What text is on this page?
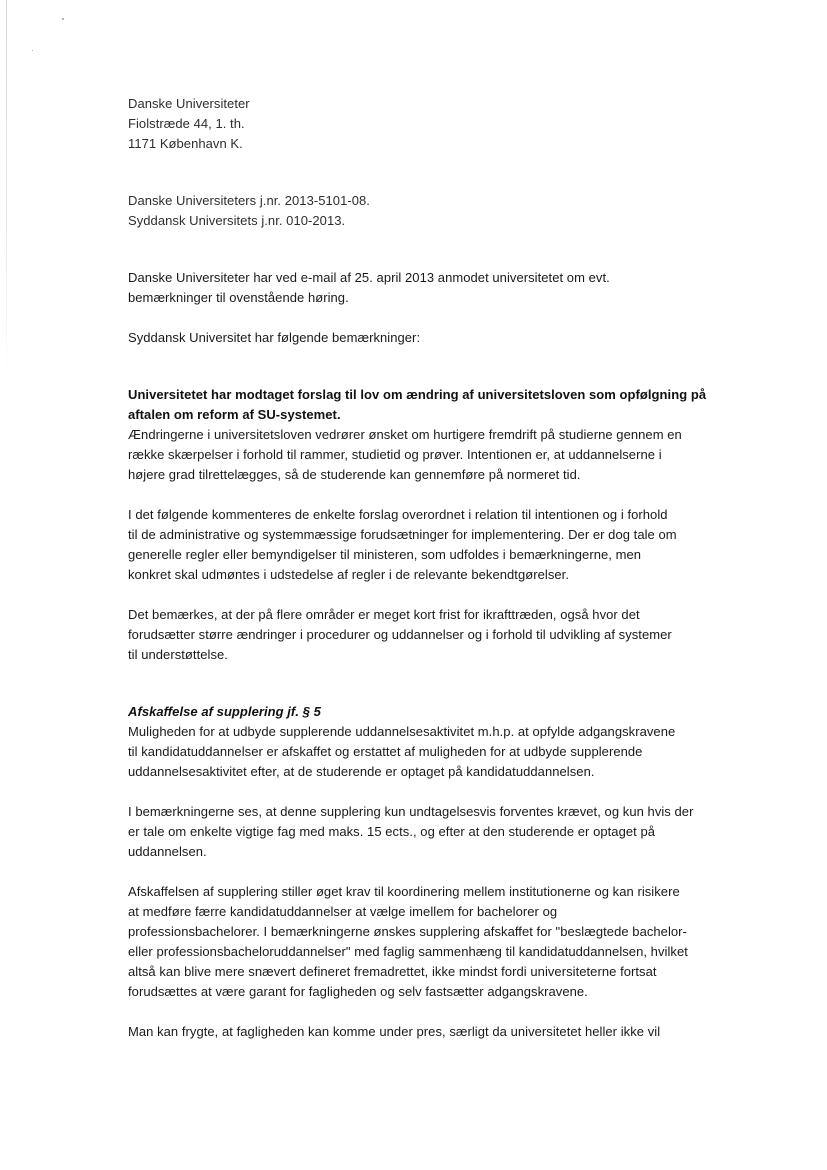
Danske Universiteter
Fiolstræde 44, 1. th.
1171 København K.
Danske Universiteters j.nr. 2013-5101-08.
Syddansk Universitets j.nr. 010-2013.
Danske Universiteter har ved e-mail af 25. april 2013 anmodet universitetet om evt.
bemærkninger til ovenstående høring.
Syddansk Universitet har følgende bemærkninger:
Universitetet har modtaget forslag til lov om ændring af universitetsloven som opfølgning på
aftalen om reform af SU-systemet.
Ændringerne i universitetsloven vedrører ønsket om hurtigere fremdrift på studierne gennem en
række skærpelser i forhold til rammer, studietid og prøver. Intentionen er, at uddannelserne i
højere grad tilrettelægges, så de studerende kan gennemføre på normeret tid.
I det følgende kommenteres de enkelte forslag overordnet i relation til intentionen og i forhold
til de administrative og systemmæssige forudsætninger for implementering. Der er dog tale om
generelle regler eller bemyndigelser til ministeren, som udfoldes i bemærkningerne, men
konkret skal udmøntes i udstedelse af regler i de relevante bekendtgørelser.
Det bemærkes, at der på flere områder er meget kort frist for ikrafttræden, også hvor det
forudsætter større ændringer i procedurer og uddannelser og i forhold til udvikling af systemer
til understøttelse.
Afskaffelse af supplering jf. § 5
Muligheden for at udbyde supplerende uddannelsesaktivitet m.h.p. at opfylde adgangskravene
til kandidatuddannelser er afskaffet og erstattet af muligheden for at udbyde supplerende
uddannelsesaktivitet efter, at de studerende er optaget på kandidatuddannelsen.
I bemærkningerne ses, at denne supplering kun undtagelsesvis forventes krævet, og kun hvis der
er tale om enkelte vigtige fag med maks. 15 ects., og efter at den studerende er optaget på
uddannelsen.
Afskaffelsen af supplering stiller øget krav til koordinering mellem institutionerne og kan risikere
at medføre færre kandidatuddannelser at vælge imellem for bachelorer og
professionsbachelorer. I bemærkningerne ønskes supplering afskaffet for "beslægtede bachelor-
eller professionsbacheloruddannelser" med faglig sammenhæng til kandidatuddannelsen, hvilket
altså kan blive mere snævert defineret fremadrettet, ikke mindst fordi universiteterne fortsat
forudsættes at være garant for fagligheden og selv fastsætter adgangskravene.
Man kan frygte, at fagligheden kan komme under pres, særligt da universitetet heller ikke vil
